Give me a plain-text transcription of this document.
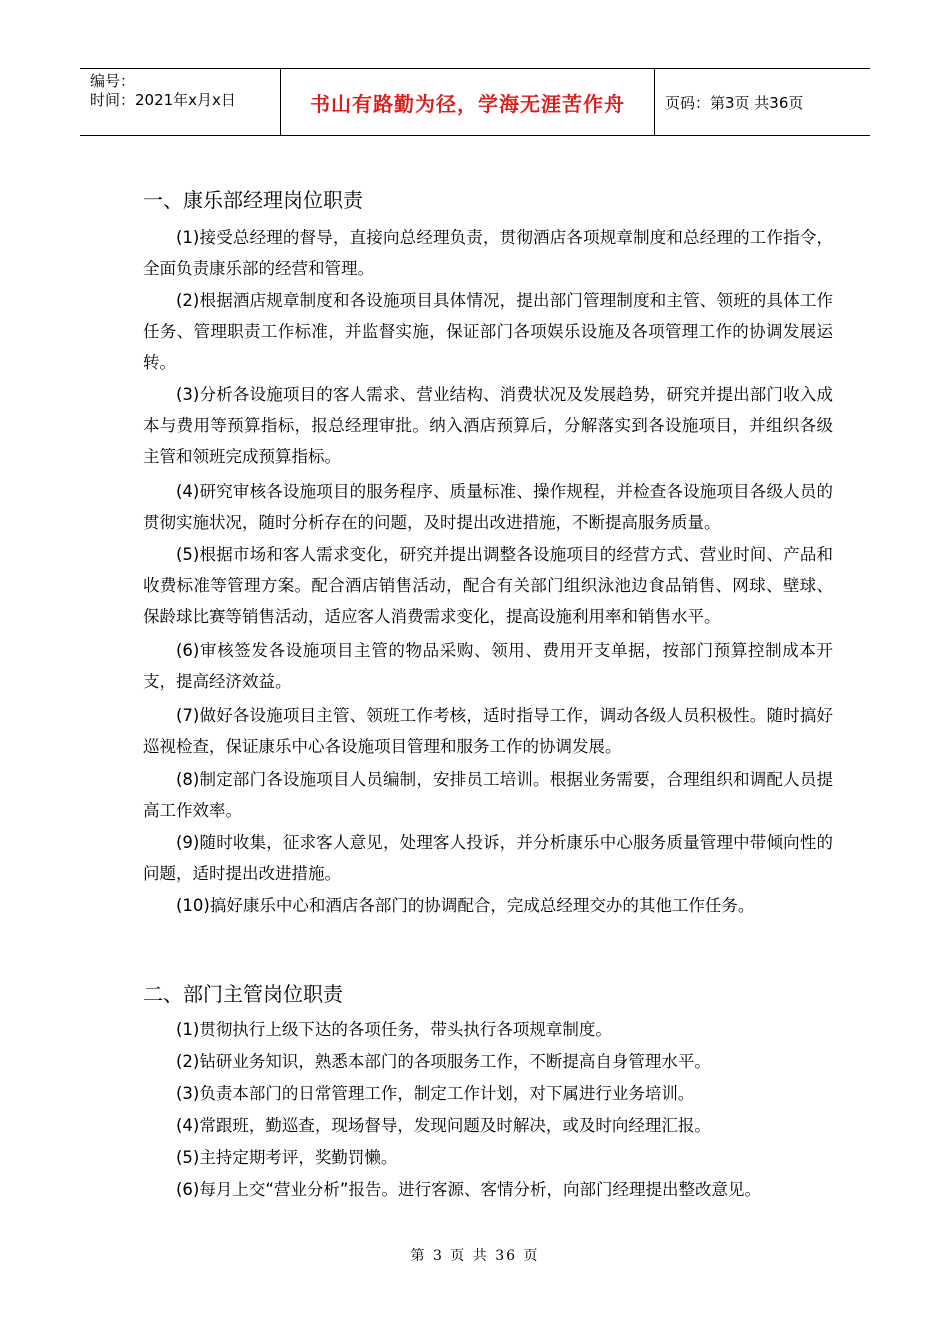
编号：
时间：2021年x月x日	书山有路勤为径，学海无涯苦作舟	页码：第3页 共36页
一、康乐部经理岗位职责
(1)接受总经理的督导，直接向总经理负责，贯彻酒店各项规章制度和总经理的工作指令，全面负责康乐部的经营和管理。
(2)根据酒店规章制度和各设施项目具体情况，提出部门管理制度和主管、领班的具体工作任务、管理职责工作标准，并监督实施，保证部门各项娱乐设施及各项管理工作的协调发展运转。
(3)分析各设施项目的客人需求、营业结构、消费状况及发展趋势，研究并提出部门收入成本与费用等预算指标，报总经理审批。纳入酒店预算后，分解落实到各设施项目，并组织各级主管和领班完成预算指标。
(4)研究审核各设施项目的服务程序、质量标准、操作规程，并检查各设施项目各级人员的贯彻实施状况，随时分析存在的问题，及时提出改进措施，不断提高服务质量。
(5)根据市场和客人需求变化，研究并提出调整各设施项目的经营方式、营业时间、产品和收费标准等管理方案。配合酒店销售活动，配合有关部门组织泳池边食品销售、网球、壁球、保龄球比赛等销售活动，适应客人消费需求变化，提高设施利用率和销售水平。
(6)审核签发各设施项目主管的物品采购、领用、费用开支单据，按部门预算控制成本开支，提高经济效益。
(7)做好各设施项目主管、领班工作考核，适时指导工作，调动各级人员积极性。随时搞好巡视检查，保证康乐中心各设施项目管理和服务工作的协调发展。
(8)制定部门各设施项目人员编制，安排员工培训。根据业务需要，合理组织和调配人员提高工作效率。
(9)随时收集，征求客人意见，处理客人投诉，并分析康乐中心服务质量管理中带倾向性的问题，适时提出改进措施。
(10)搞好康乐中心和酒店各部门的协调配合，完成总经理交办的其他工作任务。
二、部门主管岗位职责
(1)贯彻执行上级下达的各项任务，带头执行各项规章制度。
(2)钻研业务知识，熟悉本部门的各项服务工作，不断提高自身管理水平。
(3)负责本部门的日常管理工作，制定工作计划，对下属进行业务培训。
(4)常跟班，勤巡查，现场督导，发现问题及时解决，或及时向经理汇报。
(5)主持定期考评，奖勤罚懒。
(6)每月上交“营业分析”报告。进行客源、客情分析，向部门经理提出整改意见。
第 3 页 共 36 页
